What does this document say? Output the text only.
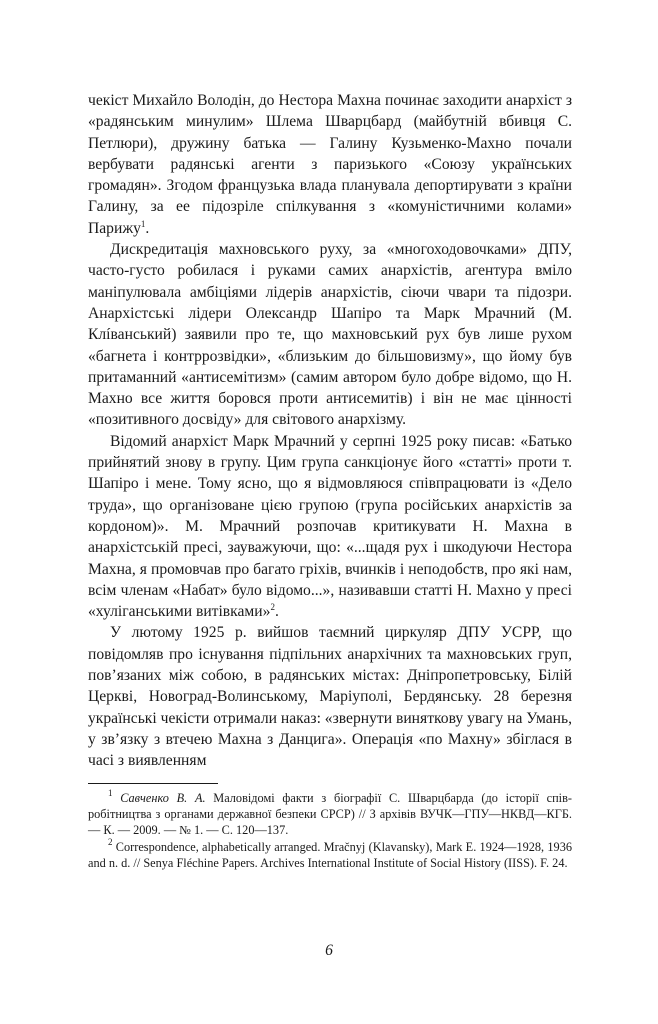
чекіст Михайло Володін, до Нестора Махна починає заходити анархіст з «радянським минулим» Шлема Шварцбард (майбутній вбивця С. Петлюри), дружину батька — Галину Кузьменко-Махно почали вербувати радянські агенти з паризького «Союзу українських громадян». Згодом французька влада планувала депортирувати з країни Галину, за ее підозріле спілкування з «комуністичними колами» Парижу$^1$.

Дискредитація махновського руху, за «многоходовочками» ДПУ, часто-густо робилася і руками самих анархістів, агентура вміло маніпулювала амбіціями лідерів анархістів, сіючи чвари та підозри. Анархістські лідери Олександр Шапіро та Марк Мрачний (М. Клíванський) заявили про те, що махновський рух був лише рухом «багнета і контррозвідки», «близьким до більшовизму», що йому був притаманний «антисемітизм» (самим автором було добре відомо, що Н. Махно все життя боровся проти антисемитів) і він не має цінності «позитивного досвіду» для світового анархізму.

Відомий анархіст Марк Мрачний у серпні 1925 року писав: «Батько прийнятий знову в групу. Цим група санкціонує його «статті» проти т. Шапіро і мене. Тому ясно, що я відмовляюся співпрацювати із «Дело труда», що організоване цією групою (група російських анархістів за кордоном)». М. Мрачний розпочав критикувати Н. Махна в анархістській пресі, зауважуючи, що: «...щадя рух і шкодуючи Нестора Махна, я промовчав про багато гріхів, вчинків і неподобств, про які нам, всім членам «Набат» було відомо...», називавши статті Н. Махно у пресі «хуліганськими витівками»$^2$.

У лютому 1925 р. вийшов таємний циркуляр ДПУ УСРР, що повідомляв про існування підпільних анархічних та махновських груп, пов’язаних між собою, в радянських містах: Дніпропетровську, Білій Церкві, Новоград-Волинському, Маріуполі, Бердянську. 28 березня українські чекісти отримали наказ: «звернути виняткову увагу на Умань, у зв’язку з втечею Махна з Данцига». Операція «по Махну» збіглася в часі з виявленням

$^1$ Савченко В. А. Маловідомі факти з біографії С. Шварцбарда (до історії співробітництва з органами державної безпеки СРСР) // З архівів ВУЧК—ГПУ—НКВД—КГБ. — К. — 2009. — № 1. — С. 120—137.

$^2$ Correspondence, alphabetically arranged. Mračnyj (Klavansky), Mark E. 1924—1928, 1936 and n. d. // Senya Fléchine Papers. Archives International Institute of Social History (IISS). F. 24.

6
